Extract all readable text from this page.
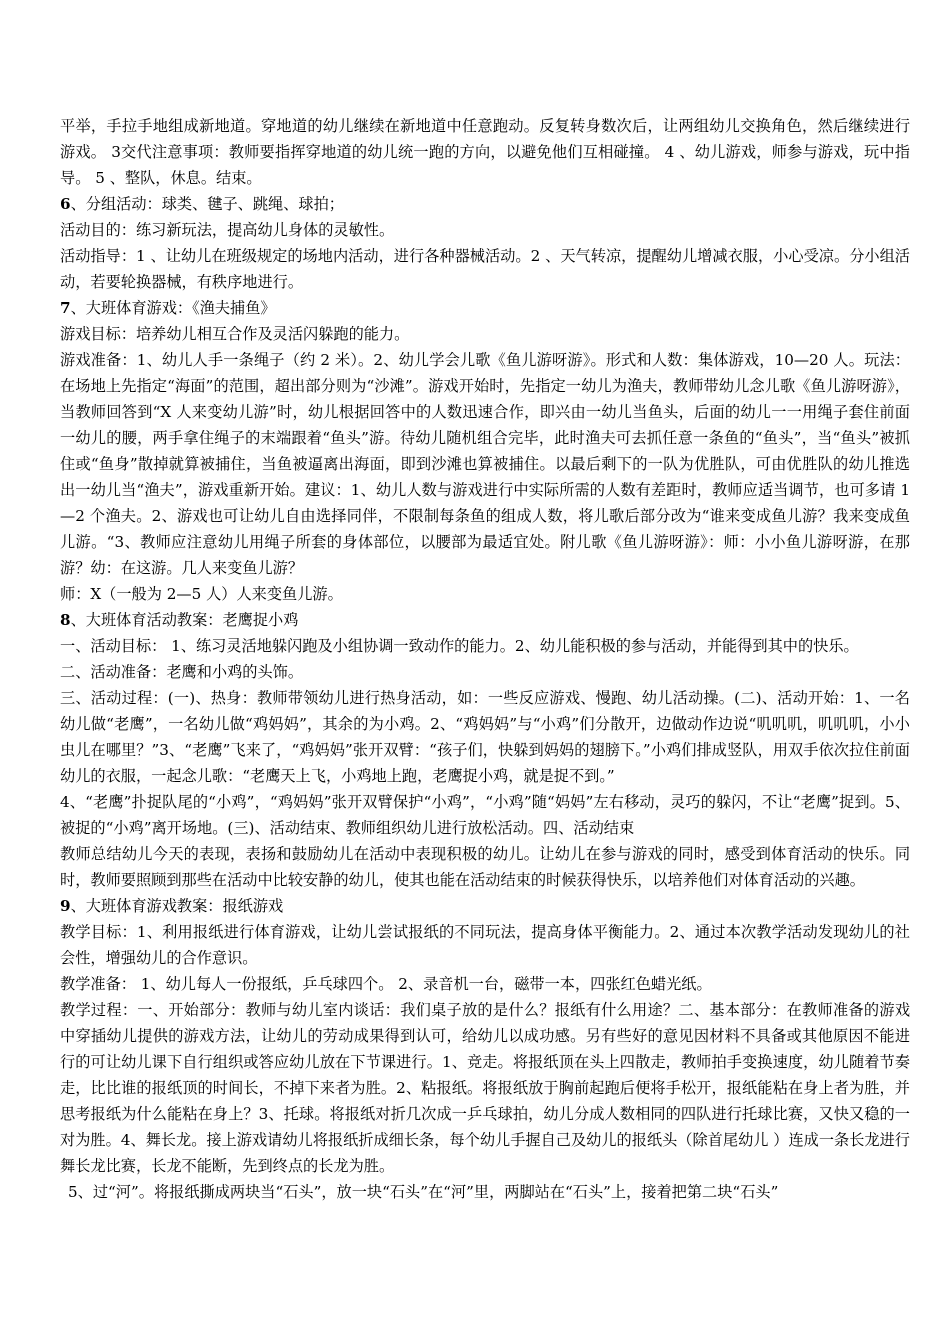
平举，手拉手地组成新地道。穿地道的幼儿继续在新地道中任意跑动。反复转身数次后，让两组幼儿交换角色，然后继续进行游戏。 3交代注意事项：教师要指挥穿地道的幼儿统一跑的方向，以避免他们互相碰撞。 4 、幼儿游戏，师参与游戏，玩中指导。 5 、整队，休息。结束。

6、分组活动：球类、毽子、跳绳、球拍；

活动目的：练习新玩法，提高幼儿身体的灵敏性。

活动指导：1 、让幼儿在班级规定的场地内活动，进行各种器械活动。2 、天气转凉，提醒幼儿增减衣服，小心受凉。分小组活动，若要轮换器械，有秩序地进行。

7、大班体育游戏：《渔夫捕鱼》

游戏目标：培养幼儿相互合作及灵活闪躲跑的能力。

游戏准备：1、幼儿人手一条绳子（约 2 米）。2、幼儿学会儿歌《鱼儿游呀游》。形式和人数：集体游戏，10—20 人。玩法：在场地上先指定“海面”的范围，超出部分则为“沙滩”。游戏开始时，先指定一幼儿为渔夫，教师带幼儿念儿歌《鱼儿游呀游》，当教师回答到“X 人来变幼儿游”时，幼儿根据回答中的人数迅速合作，即兴由一幼儿当鱼头，后面的幼儿一一用绳子套住前面一幼儿的腰，两手拿住绳子的末端跟着“鱼头”游。待幼儿随机组合完毕，此时渔夫可去抓任意一条鱼的“鱼头”，当“鱼头”被抓住或“鱼身”散掉就算被捕住，当鱼被逼离出海面，即到沙滩也算被捕住。以最后剩下的一队为优胜队，可由优胜队的幼儿推选出一幼儿当“渔夫”，游戏重新开始。建议：1、幼儿人数与游戏进行中实际所需的人数有差距时，教师应适当调节，也可多请 1—2 个渔夫。2、游戏也可让幼儿自由选择同伴，不限制每条鱼的组成人数，将儿歌后部分改为“谁来变成鱼儿游？我来变成鱼儿游。“3、教师应注意幼儿用绳子所套的身体部位，以腰部为最适宜处。附儿歌《鱼儿游呀游》：师：小小鱼儿游呀游，在那游？幼：在这游。几人来变鱼儿游？

师：X（一般为 2—5 人）人来变鱼儿游。

8、大班体育活动教案：老鹰捉小鸡

一、活动目标： 1、练习灵活地躲闪跑及小组协调一致动作的能力。2、幼儿能积极的参与活动，并能得到其中的快乐。

二、活动准备：老鹰和小鸡的头饰。

三、活动过程：(一)、热身：教师带领幼儿进行热身活动，如：一些反应游戏、慢跑、幼儿活动操。(二)、活动开始：1、一名幼儿做“老鹰”，一名幼儿做“鸡妈妈”，其余的为小鸡。2、“鸡妈妈”与“小鸡”们分散开，边做动作边说“叽叽叽，叽叽叽，小小虫儿在哪里？”3、“老鹰”飞来了，“鸡妈妈”张开双臂：“孩子们，快躲到妈妈的翅膀下。”小鸡们排成竖队，用双手依次拉住前面幼儿的衣服，一起念儿歌：“老鹰天上飞，小鸡地上跑，老鹰捉小鸡，就是捉不到。”

4、“老鹰”扑捉队尾的“小鸡”，“鸡妈妈”张开双臂保护“小鸡”，“小鸡”随“妈妈”左右移动，灵巧的躲闪，不让“老鹰”捉到。5、被捉的“小鸡”离开场地。(三)、活动结束、教师组织幼儿进行放松活动。四、活动结束

教师总结幼儿今天的表现，表扬和鼓励幼儿在活动中表现积极的幼儿。让幼儿在参与游戏的同时，感受到体育活动的快乐。同时，教师要照顾到那些在活动中比较安静的幼儿，使其也能在活动结束的时候获得快乐，以培养他们对体育活动的兴趣。

9、大班体育游戏教案：报纸游戏

教学目标：1、利用报纸进行体育游戏，让幼儿尝试报纸的不同玩法，提高身体平衡能力。2、通过本次教学活动发现幼儿的社会性，增强幼儿的合作意识。

教学准备： 1、幼儿每人一份报纸，乒乓球四个。 2、录音机一台，磁带一本，四张红色蜡光纸。

教学过程：一、开始部分：教师与幼儿室内谈话：我们桌子放的是什么？报纸有什么用途？二、基本部分：在教师准备的游戏中穿插幼儿提供的游戏方法，让幼儿的劳动成果得到认可，给幼儿以成功感。另有些好的意见因材料不具备或其他原因不能进行的可让幼儿课下自行组织或答应幼儿放在下节课进行。1、竞走。将报纸顶在头上四散走，教师拍手变换速度，幼儿随着节奏走，比比谁的报纸顶的时间长，不掉下来者为胜。2、粘报纸。将报纸放于胸前起跑后便将手松开，报纸能粘在身上者为胜，并思考报纸为什么能粘在身上？3、托球。将报纸对折几次成一乒乓球拍，幼儿分成人数相同的四队进行托球比赛，又快又稳的一对为胜。4、舞长龙。接上游戏请幼儿将报纸折成细长条，每个幼儿手握自己及幼儿的报纸头（除首尾幼儿 ）连成一条长龙进行舞长龙比赛，长龙不能断，先到终点的长龙为胜。

5、过“河”。将报纸撕成两块当“石头”，放一块“石头”在“河”里，两脚站在“石头”上，接着把第二块“石头”
